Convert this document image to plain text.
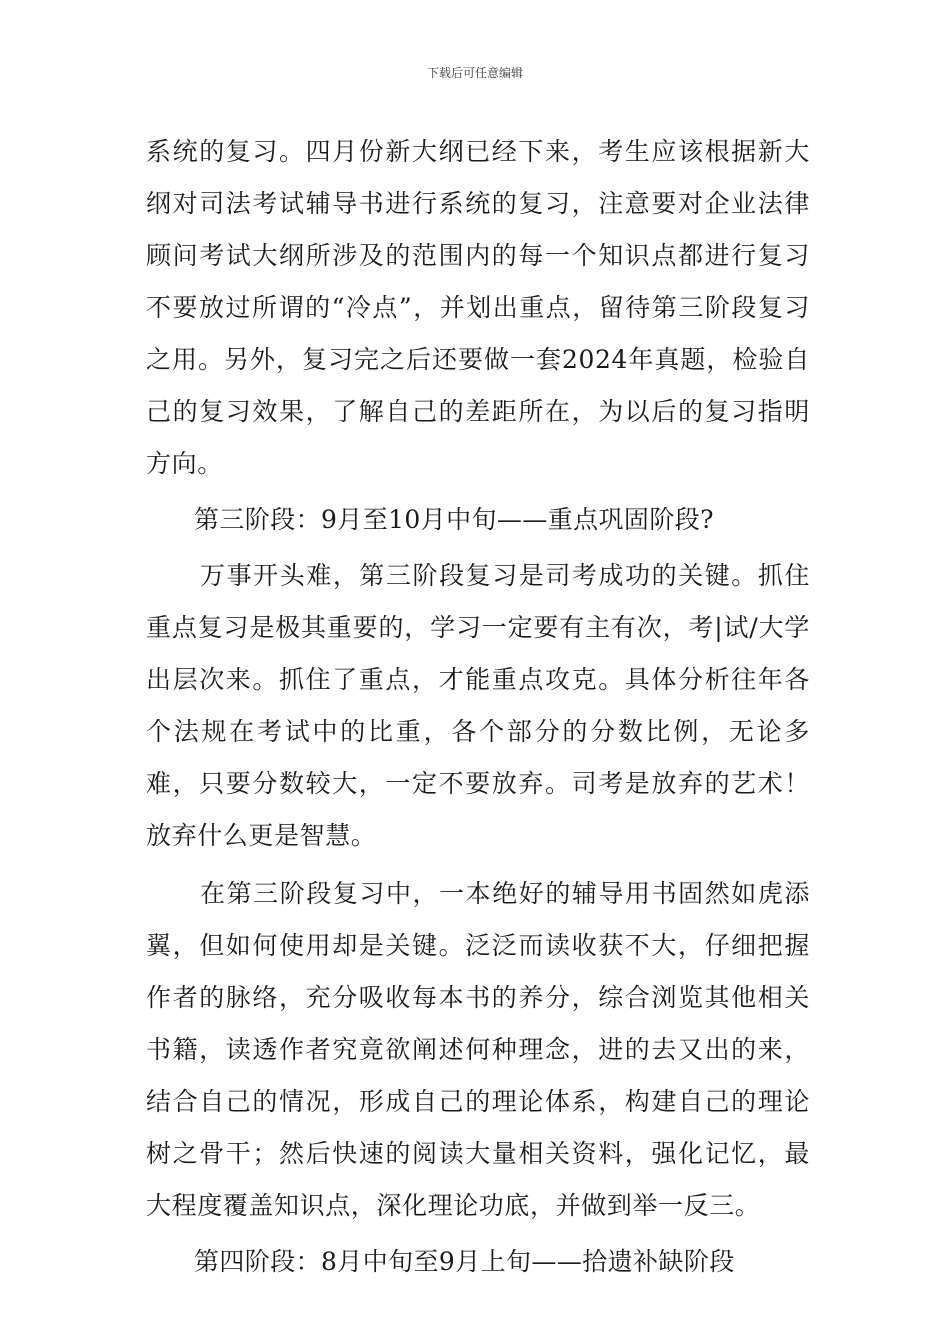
下载后可任意编辑

系统的复习。四月份新大纲已经下来，考生应该根据新大纲对司法考试辅导书进行系统的复习，注意要对企业法律顾问考试大纲所涉及的范围内的每一个知识点都进行复习不要放过所谓的“冷点”，并划出重点，留待第三阶段复习之用。另外，复习完之后还要做一套2024年真题，检验自己的复习效果，了解自己的差距所在，为以后的复习指明方向。

第三阶段：9月至10月中旬——重点巩固阶段?

万事开头难，第三阶段复习是司考成功的关键。抓住重点复习是极其重要的，学习一定要有主有次，考|试/大学出层次来。抓住了重点，才能重点攻克。具体分析往年各个法规在考试中的比重，各个部分的分数比例，无论多难，只要分数较大，一定不要放弃。司考是放弃的艺术！放弃什么更是智慧。

在第三阶段复习中，一本绝好的辅导用书固然如虎添翼，但如何使用却是关键。泛泛而读收获不大，仔细把握作者的脉络，充分吸收每本书的养分，综合浏览其他相关书籍，读透作者究竟欲阐述何种理念，进的去又出的来，结合自己的情况，形成自己的理论体系，构建自己的理论树之骨干；然后快速的阅读大量相关资料，强化记忆，最大程度覆盖知识点，深化理论功底，并做到举一反三。

第四阶段：8月中旬至9月上旬——拾遗补缺阶段
